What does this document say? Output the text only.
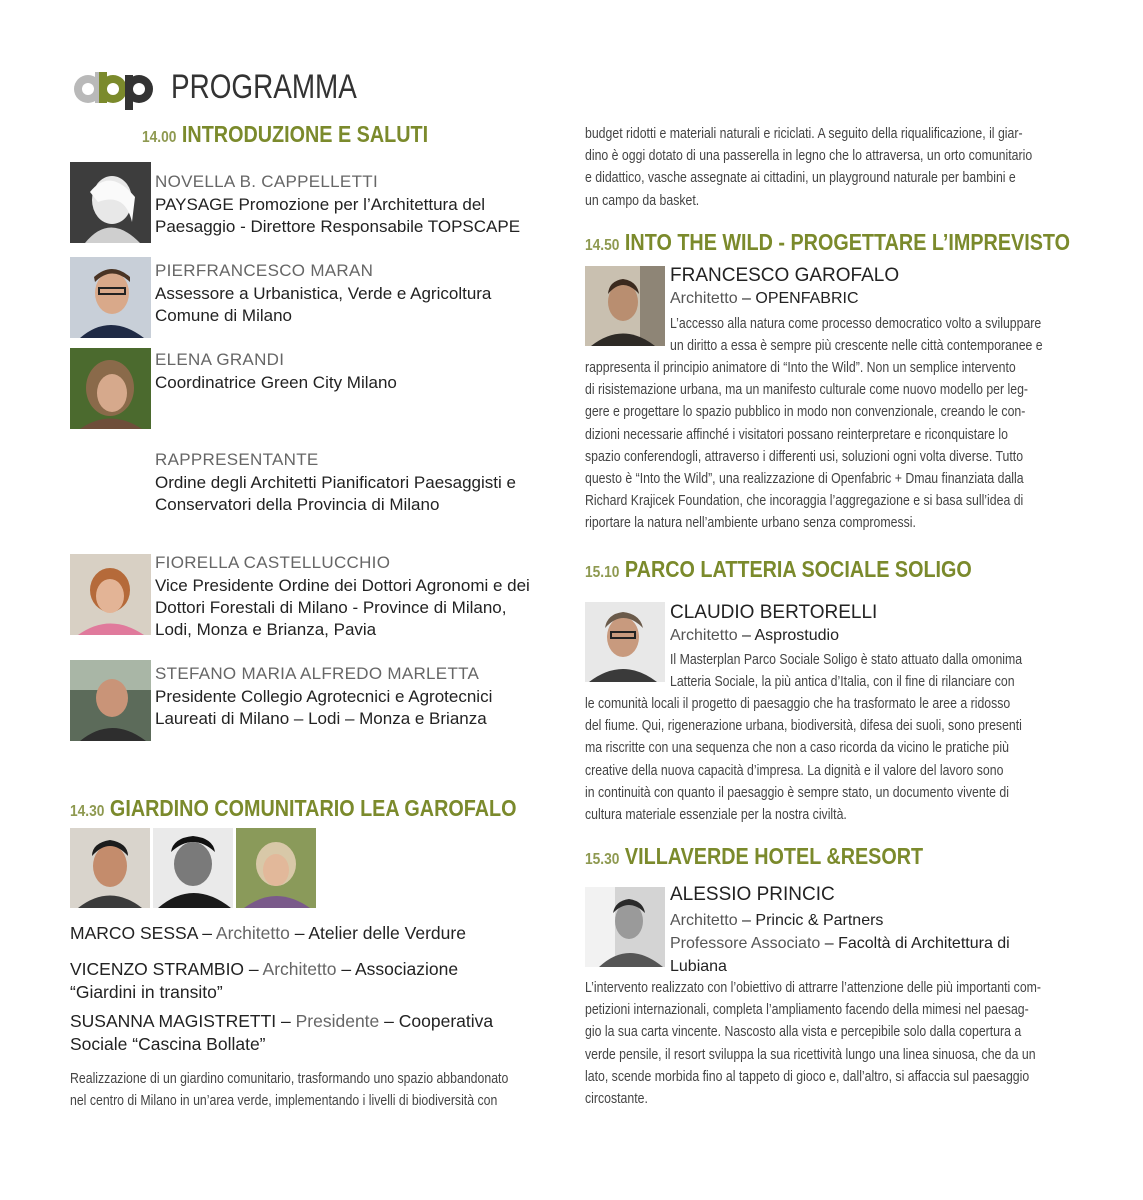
PROGRAMMA
14.00 INTRODUZIONE E SALUTI
NOVELLA B. CAPPELLETTI
PAYSAGE Promozione per l’Architettura del
Paesaggio - Direttore Responsabile TOPSCAPE
PIERFRANCESCO MARAN
Assessore a Urbanistica, Verde e Agricoltura
Comune di Milano
ELENA GRANDI
Coordinatrice Green City Milano
RAPPRESENTANTE
Ordine degli Architetti Pianificatori Paesaggisti e
Conservatori della Provincia di Milano
FIORELLA CASTELLUCCHIO
Vice Presidente Ordine dei Dottori Agronomi e dei
Dottori Forestali di Milano - Province di Milano,
Lodi, Monza e Brianza, Pavia
STEFANO MARIA ALFREDO MARLETTA
Presidente Collegio Agrotecnici e Agrotecnici
Laureati di Milano – Lodi – Monza e Brianza
14.30 GIARDINO COMUNITARIO LEA GAROFALO
MARCO SESSA – Architetto – Atelier delle Verdure
VICENZO STRAMBIO – Architetto – Associazione
“Giardini in transito”
SUSANNA MAGISTRETTI – Presidente – Cooperativa
Sociale “Cascina Bollate”
Realizzazione di un giardino comunitario, trasformando uno spazio abbandonato
nel centro di Milano in un’area verde, implementando i livelli di biodiversità con
budget ridotti e materiali naturali e riciclati. A seguito della riqualificazione, il giar-
dino è oggi dotato di una passerella in legno che lo attraversa, un orto comunitario
e didattico, vasche assegnate ai cittadini, un playground naturale per bambini e
un campo da basket.
14.50 INTO THE WILD - PROGETTARE L’IMPREVISTO
FRANCESCO GAROFALO
Architetto – OPENFABRIC
L’accesso alla natura come processo democratico volto a sviluppare
un diritto a essa è sempre più crescente nelle città contemporanee e
rappresenta il principio animatore di “Into the Wild”. Non un semplice intervento
di risistemazione urbana, ma un manifesto culturale come nuovo modello per leg-
gere e progettare lo spazio pubblico in modo non convenzionale, creando le con-
dizioni necessarie affinché i visitatori possano reinterpretare e riconquistare lo
spazio conferendogli, attraverso i differenti usi, soluzioni ogni volta diverse. Tutto
questo è “Into the Wild”, una realizzazione di Openfabric + Dmau finanziata dalla
Richard Krajicek Foundation, che incoraggia l’aggregazione e si basa sull’idea di
riportare la natura nell’ambiente urbano senza compromessi.
15.10 PARCO LATTERIA SOCIALE SOLIGO
CLAUDIO BERTORELLI
Architetto – Asprostudio
Il Masterplan Parco Sociale Soligo è stato attuato dalla omonima
Latteria Sociale, la più antica d’Italia, con il fine di rilanciare con
le comunità locali il progetto di paesaggio che ha trasformato le aree a ridosso
del fiume. Qui, rigenerazione urbana, biodiversità, difesa dei suoli, sono presenti
ma riscritte con una sequenza che non a caso ricorda da vicino le pratiche più
creative della nuova capacità d’impresa. La dignità e il valore del lavoro sono
in continuità con quanto il paesaggio è sempre stato, un documento vivente di
cultura materiale essenziale per la nostra civiltà.
15.30 VILLAVERDE HOTEL &RESORT
ALESSIO PRINCIC
Architetto – Princic & Partners
Professore Associato – Facoltà di Architettura di
Lubiana
L’intervento realizzato con l’obiettivo di attrarre l’attenzione delle più importanti com-
petizioni internazionali, completa l’ampliamento facendo della mimesi nel paesag-
gio la sua carta vincente. Nascosto alla vista e percepibile solo dalla copertura a
verde pensile, il resort sviluppa la sua ricettività lungo una linea sinuosa, che da un
lato, scende morbida fino al tappeto di gioco e, dall’altro, si affaccia sul paesaggio
circostante.
